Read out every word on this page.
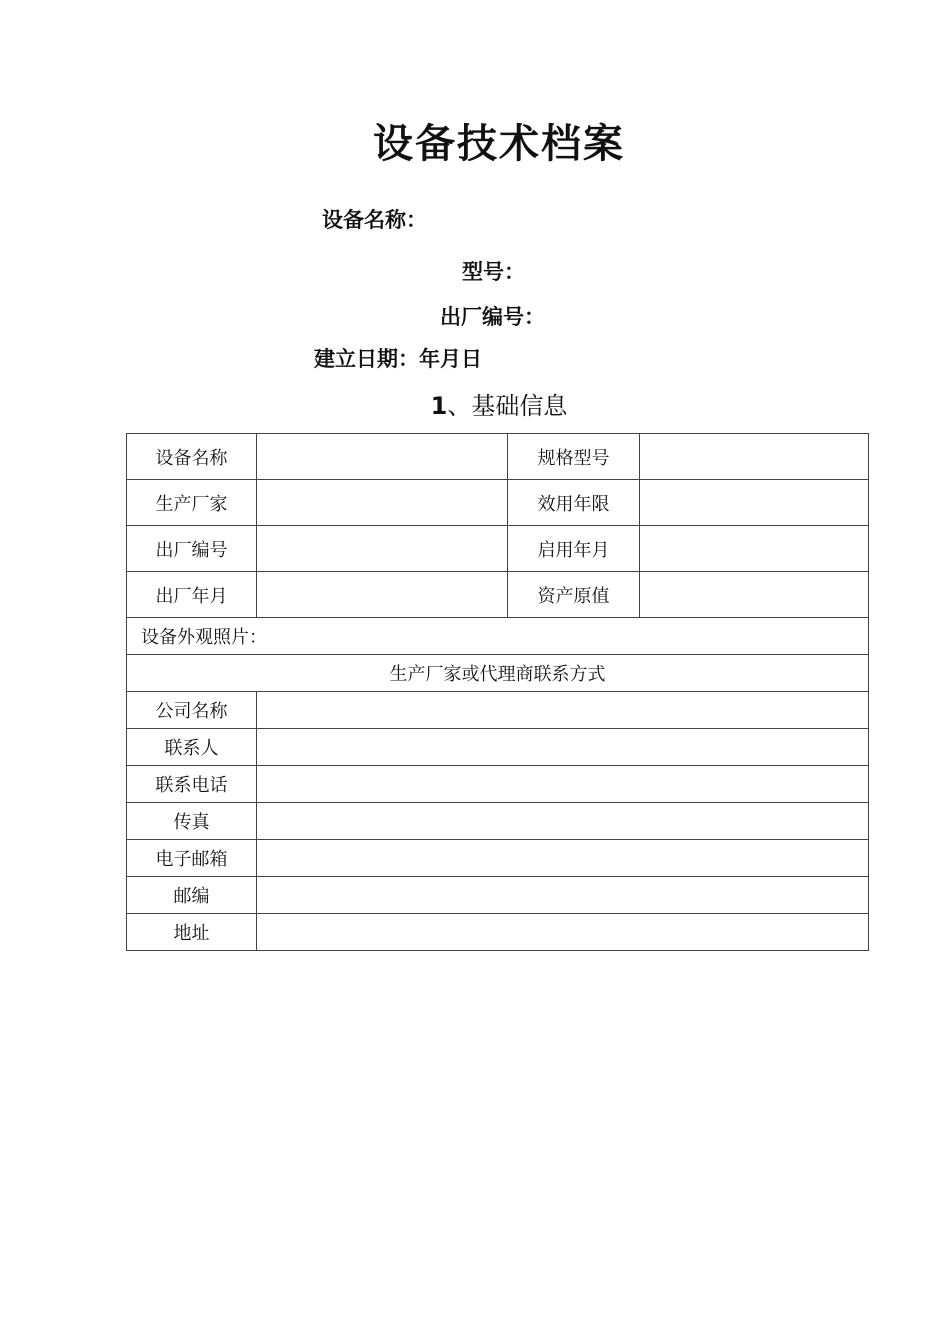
设备技术档案
设备名称：
型号：
出厂编号：
建立日期：年月日
1、基础信息
设备名称		规格型号	
生产厂家		效用年限	
出厂编号		启用年月	
出厂年月		资产原值	
设备外观照片：			
生产厂家或代理商联系方式			
公司名称			
联系人			
联系电话			
传真			
电子邮箱			
邮编			
地址			
